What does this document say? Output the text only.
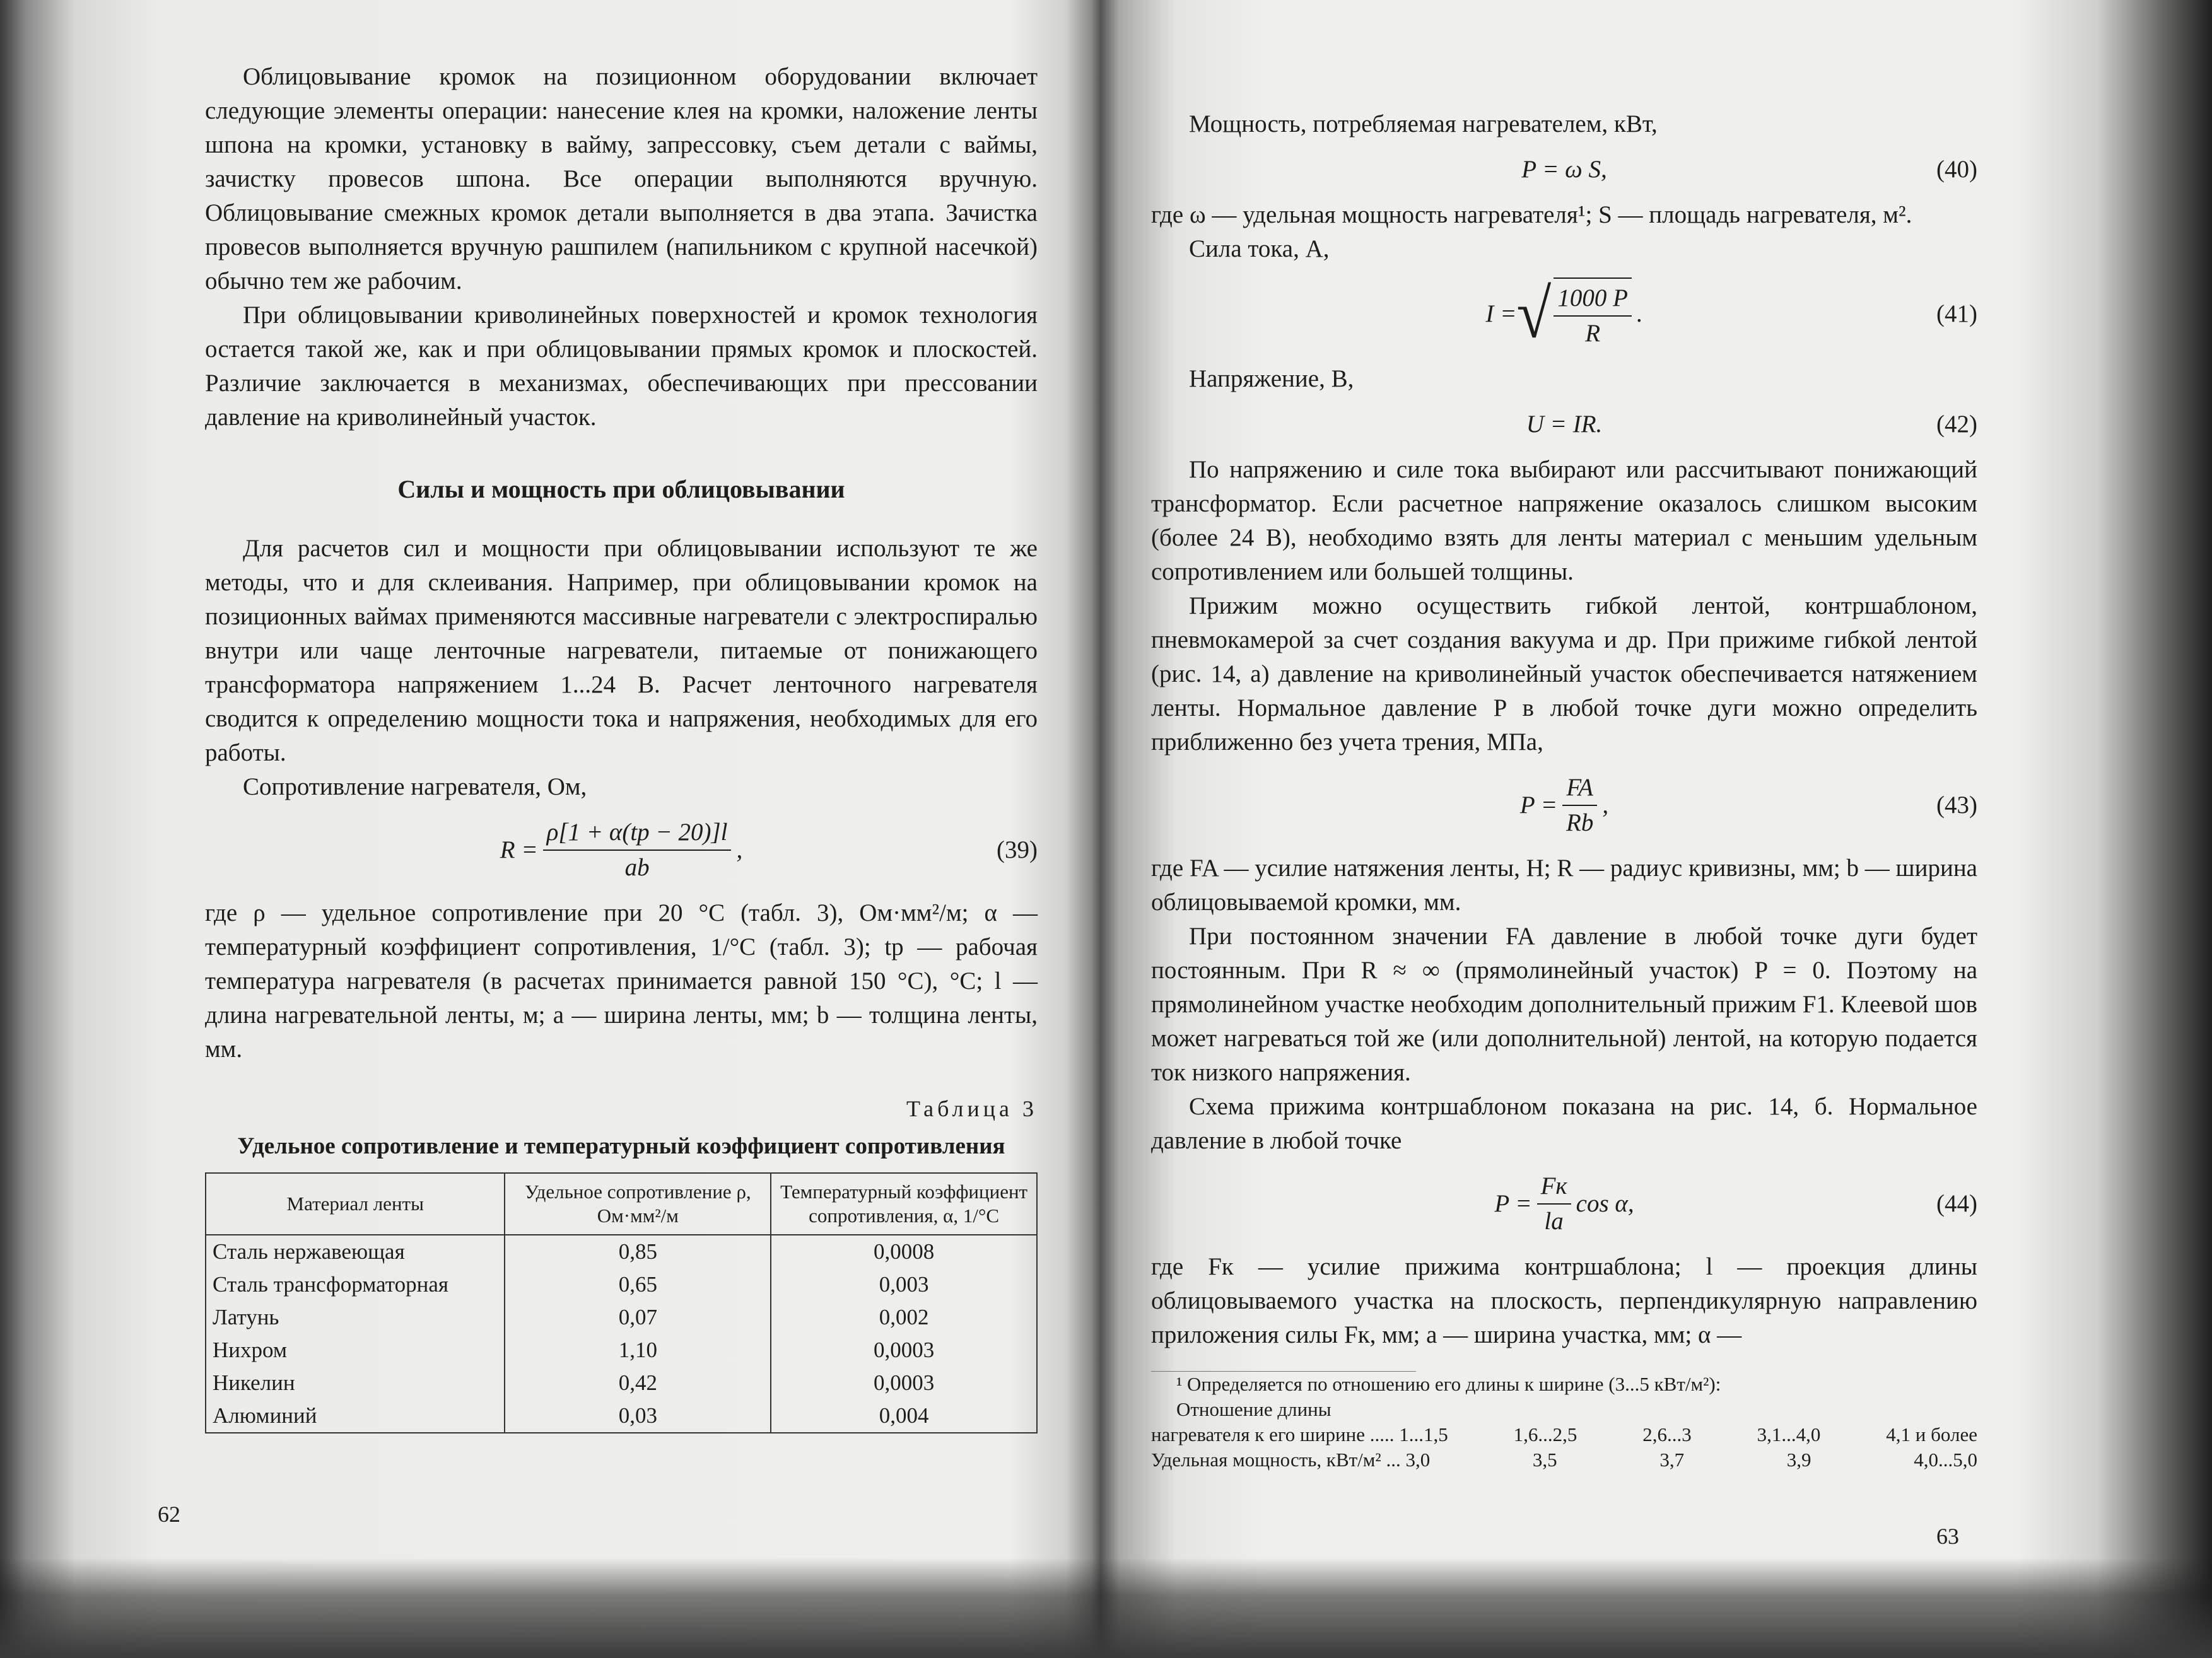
Облицовывание кромок на позиционном оборудовании включает следующие элементы операции: нанесение клея на кромки, наложение ленты шпона на кромки, установку в вайму, запрессовку, съем детали с ваймы, зачистку провесов шпона. Все операции выполняются вручную. Облицовывание смежных кромок детали выполняется в два этапа. Зачистка провесов выполняется вручную рашпилем (напильником с крупной насечкой) обычно тем же рабочим.

При облицовывании криволинейных поверхностей и кромок технология остается такой же, как и при облицовывании прямых кромок и плоскостей. Различие заключается в механизмах, обеспечивающих при прессовании давление на криволинейный участок.

Силы и мощность при облицовывании

Для расчетов сил и мощности при облицовывании используют те же методы, что и для склеивания. Например, при облицовывании кромок на позиционных ваймах применяются массивные нагреватели с электроспиралью внутри или чаще ленточные нагреватели, питаемые от понижающего трансформатора напряжением 1...24 В. Расчет ленточного нагревателя сводится к определению мощности тока и напряжения, необходимых для его работы.

Сопротивление нагревателя, Ом,

$R = \frac{\rho[1 + \alpha(tр - 20)]l}{ab}$ ,	(39)

где ρ — удельное сопротивление при 20 °С (табл. 3), Ом·мм²/м; α — температурный коэффициент сопротивления, 1/°С (табл. 3); tр — рабочая температура нагревателя (в расчетах принимается равной 150 °С), °С; l — длина нагревательной ленты, м; a — ширина ленты, мм; b — толщина ленты, мм.

Таблица 3
Удельное сопротивление и температурный коэффициент сопротивления
Материал ленты	Удельное сопротивление ρ, Ом·мм²/м	Температурный коэффициент сопротивления, α, 1/°С
Сталь нержавеющая	0,85	0,0008
Сталь трансформаторная	0,65	0,003
Латунь	0,07	0,002
Нихром	1,10	0,0003
Никелин	0,42	0,0003
Алюминий	0,03	0,004
62

Мощность, потребляемая нагревателем, кВт,

P = ω S,	(40)

где ω — удельная мощность нагревателя¹; S — площадь нагревателя, м².

Сила тока, А,

I = √ $\frac{1000 P}{R}$ .	(41)

Напряжение, В,

U = IR.	(42)

По напряжению и силе тока выбирают или рассчитывают понижающий трансформатор. Если расчетное напряжение оказалось слишком высоким (более 24 В), необходимо взять для ленты материал с меньшим удельным сопротивлением или большей толщины.

Прижим можно осуществить гибкой лентой, контршаблоном, пневмокамерой за счет создания вакуума и др. При прижиме гибкой лентой (рис. 14, а) давление на криволинейный участок обеспечивается натяжением ленты. Нормальное давление P в любой точке дуги можно определить приближенно без учета трения, МПа,

$P = \frac{FA}{Rb}$ ,	(43)

где FA — усилие натяжения ленты, Н; R — радиус кривизны, мм; b — ширина облицовываемой кромки, мм.

При постоянном значении FA давление в любой точке дуги будет постоянным. При R ≈ ∞ (прямолинейный участок) P = 0. Поэтому на прямолинейном участке необходим дополнительный прижим F1. Клеевой шов может нагреваться той же (или дополнительной) лентой, на которую подается ток низкого напряжения.

Схема прижима контршаблоном показана на рис. 14, б. Нормальное давление в любой точке

$P = \frac{Fк}{la}$ cos α,	(44)

где Fк — усилие прижима контршаблона; l — проекция длины облицовываемого участка на плоскость, перпендикулярную направлению приложения силы Fк, мм; a — ширина участка, мм; α —

¹ Определяется по отношению его длины к ширине (3...5 кВт/м²):
Отношение длины
нагревателя к его ширине ..... 1...1,5	1,6...2,5	2,6...3	3,1...4,0	4,1 и более
Удельная мощность, кВт/м² ... 3,0	3,5	3,7	3,9	4,0...5,0
63
